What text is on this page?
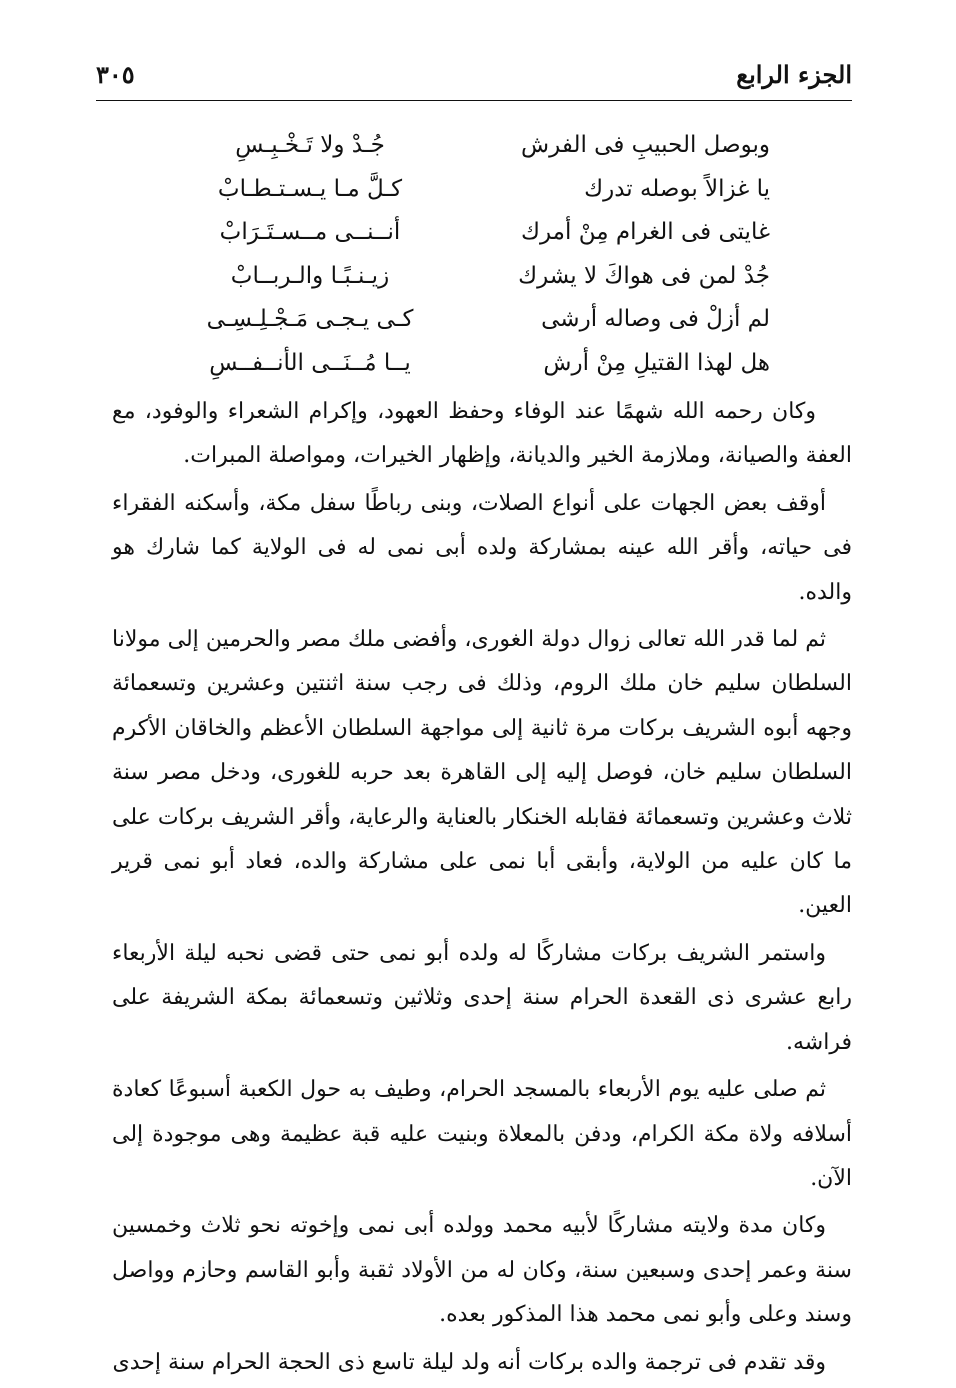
الجزء الرابع
٣٠٥
وبوصل الحبيبِ فى الفرش
جُـدْ ولا تَـخْـبِـسِ
يا غزالاً بوصله تدرك
كـلَّ مـا يـسـتـطـابْ
غايتى فى الغرام مِنْ أمرك
أنــنــى مــسـتَـرَابْ
جُدْ لمن فى هواكَ لا يشرك
زيـنـبًـا والـربــابْ
لم أزلْ فى وصاله أرشى
كـى يـجـى مَـجْـلِـسِـى
هل لهذا القتيلِ مِنْ أرش
يــا مُــنَــى الأنــفــسِ

وكان رحمه الله شهمًا عند الوفاء وحفظ العهود، وإكرام الشعراء والوفود، مع العفة والصيانة، وملازمة الخير والديانة، وإظهار الخيرات، ومواصلة المبرات.

أوقف بعض الجهات على أنواع الصلات، وبنى رباطًا سفل مكة، وأسكنه الفقراء فى حياته، وأقر الله عينه بمشاركة ولده أبى نمى له فى الولاية كما شارك هو والده.

ثم لما قدر الله تعالى زوال دولة الغورى، وأفضى ملك مصر والحرمين إلى مولانا السلطان سليم خان ملك الروم، وذلك فى رجب سنة اثنتين وعشرين وتسعمائة وجهه أبوه الشريف بركات مرة ثانية إلى مواجهة السلطان الأعظم والخاقان الأكرم السلطان سليم خان، فوصل إليه إلى القاهرة بعد حربه للغورى، ودخل مصر سنة ثلاث وعشرين وتسعمائة فقابله الخنكار بالعناية والرعاية، وأقر الشريف بركات على ما كان عليه من الولاية، وأبقى أبا نمى على مشاركة والده، فعاد أبو نمى قرير العين.

واستمر الشريف بركات مشاركًا له ولده أبو نمى حتى قضى نحبه ليلة الأربعاء رابع عشرى ذى القعدة الحرام سنة إحدى وثلاثين وتسعمائة بمكة الشريفة على فراشه.

ثم صلى عليه يوم الأربعاء بالمسجد الحرام، وطيف به حول الكعبة أسبوعًا كعادة أسلافه ولاة مكة الكرام، ودفن بالمعلاة وبنيت عليه قبة عظيمة وهى موجودة إلى الآن.

وكان مدة ولايته مشاركًا لأبيه محمد وولده أبى نمى وإخوته نحو ثلاث وخمسين سنة وعمر إحدى وسبعين سنة، وكان له من الأولاد ثقبة وأبو القاسم وحازم وواصل وسند وعلى وأبو نمى محمد هذا المذكور بعده.

وقد تقدم فى ترجمة والده بركات أنه ولد ليلة تاسع ذى الحجة الحرام سنة إحدى
